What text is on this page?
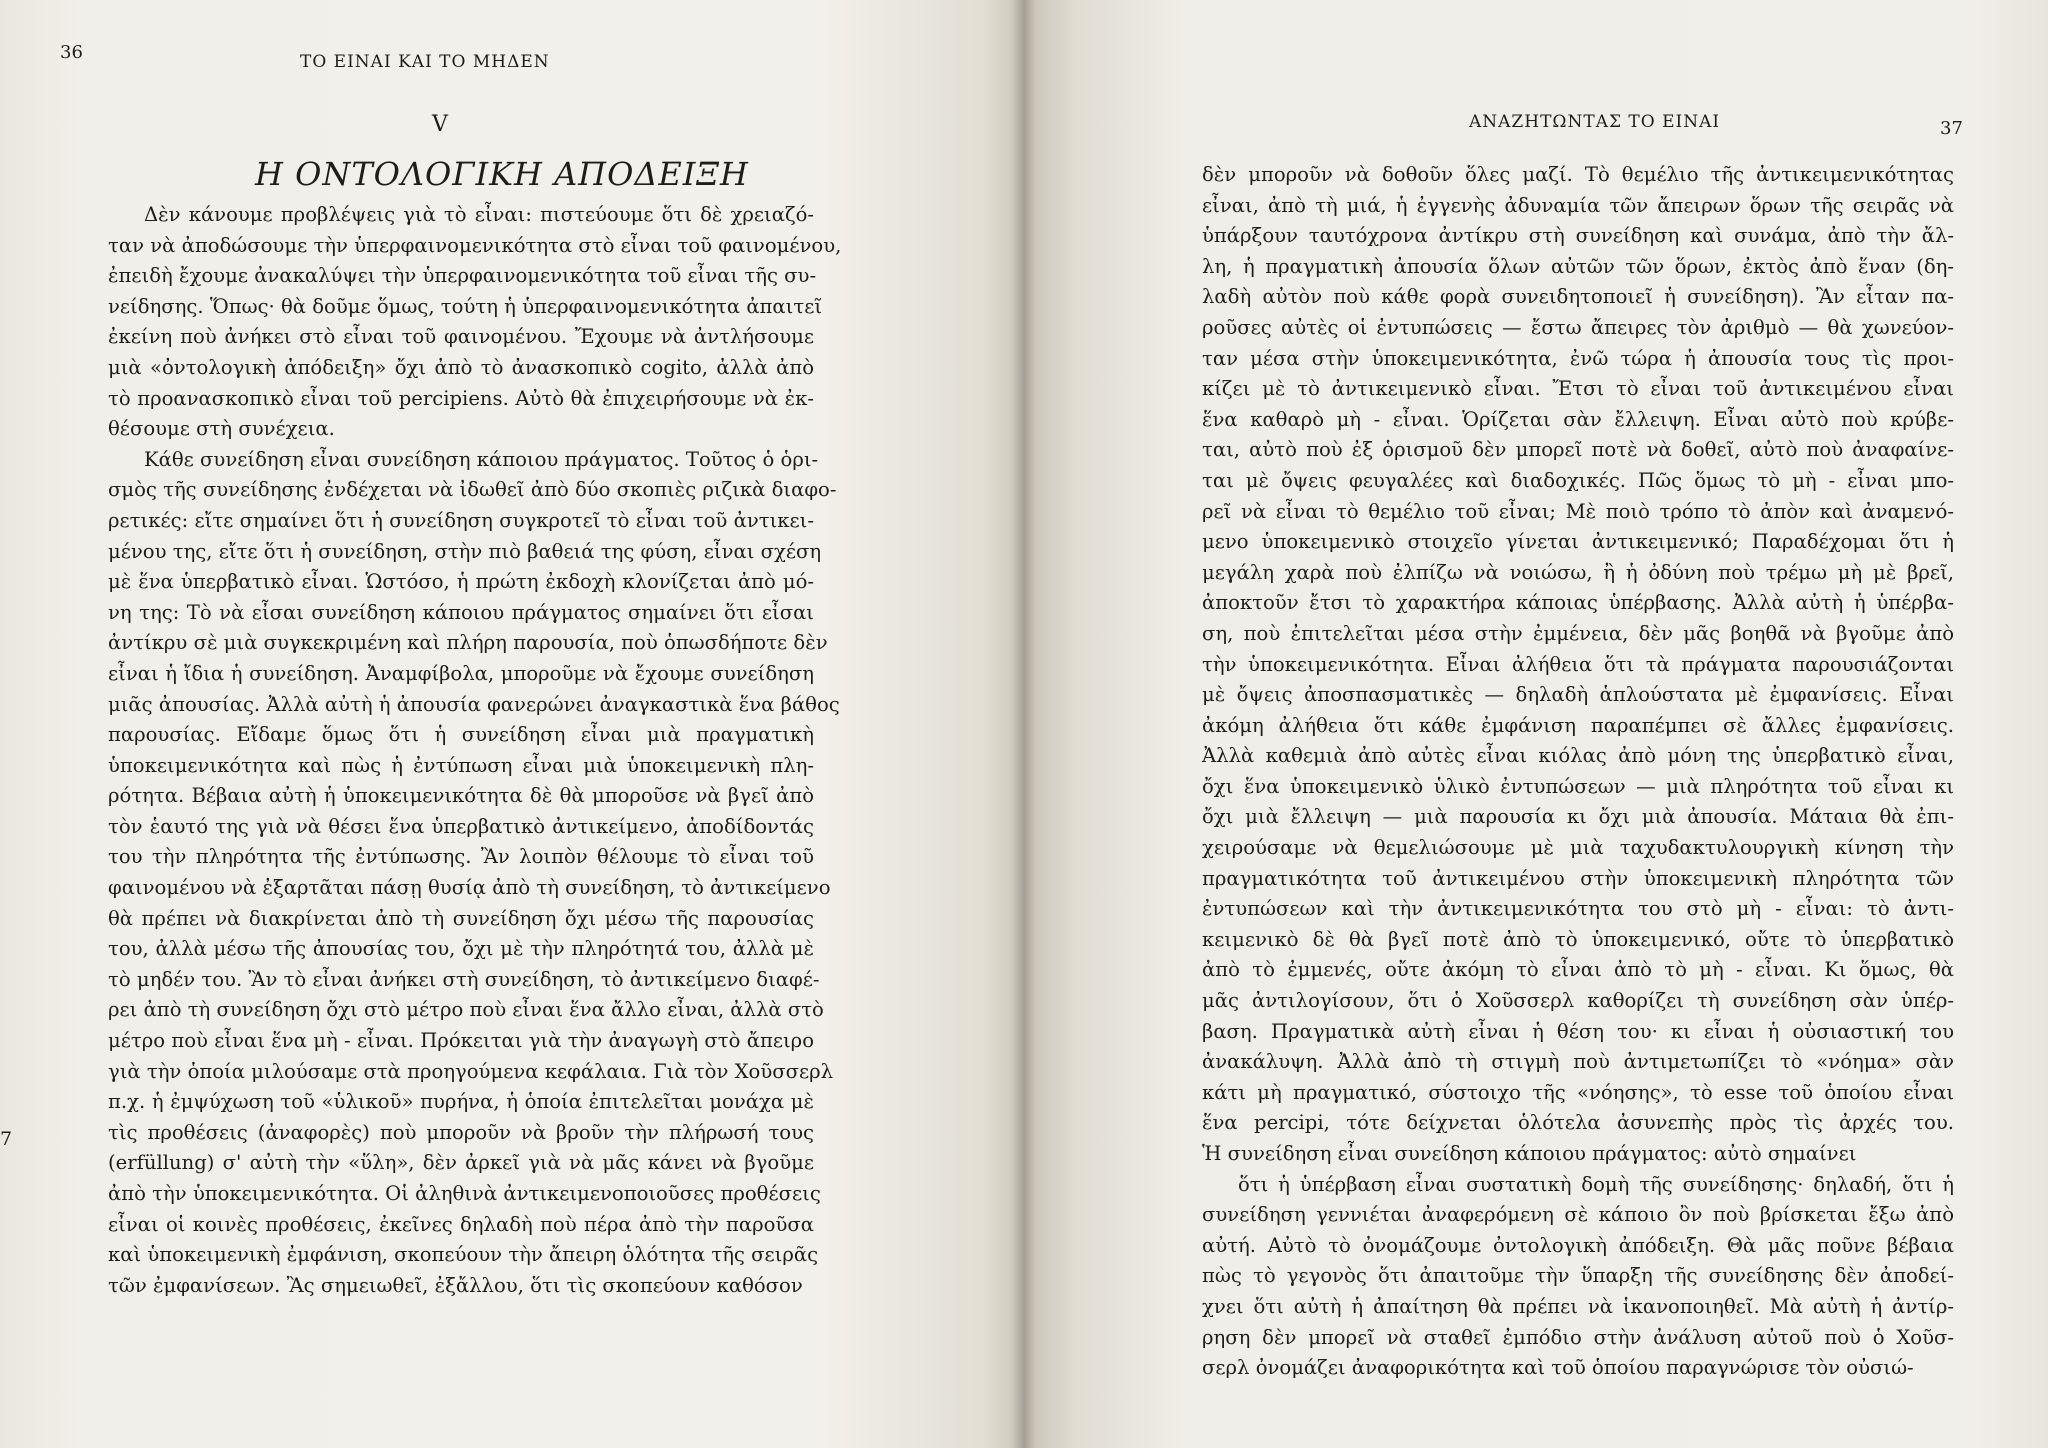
36	ΤΟ ΕΙΝΑΙ ΚΑΙ ΤΟ ΜΗΔΕΝ
V
Η ΟΝΤΟΛΟΓΙΚΗ ΑΠΟΔΕΙΞΗ
7
Δὲν κάνουμε προβλέψεις γιὰ τὸ εἶναι: πιστεύουμε ὅτι δὲ χρειαζό-
ταν νὰ ἀποδώσουμε τὴν ὑπερφαινομενικότητα στὸ εἶναι τοῦ φαινομένου,
ἐπειδὴ ἔχουμε ἀνακαλύψει τὴν ὑπερφαινομενικότητα τοῦ εἶναι τῆς συ-
νείδησης. Ὅπως· θὰ δοῦμε ὅμως, τούτη ἡ ὑπερφαινομενικότητα ἀπαιτεῖ
ἐκείνη ποὺ ἀνήκει στὸ εἶναι τοῦ φαινομένου. Ἔχουμε νὰ ἀντλήσουμε
μιὰ «ὀντολογικὴ ἀπόδειξη» ὄχι ἀπὸ τὸ ἀνασκοπικὸ cogito, ἀλλὰ ἀπὸ
τὸ προανασκοπικὸ εἶναι τοῦ percipiens. Αὐτὸ θὰ ἐπιχειρήσουμε νὰ ἐκ-
θέσουμε στὴ συνέχεια.
Κάθε συνείδηση εἶναι συνείδηση κάποιου πράγματος. Τοῦτος ὁ ὁρι-
σμὸς τῆς συνείδησης ἐνδέχεται νὰ ἰδωθεῖ ἀπὸ δύο σκοπιὲς ριζικὰ διαφο-
ρετικές: εἴτε σημαίνει ὅτι ἡ συνείδηση συγκροτεῖ τὸ εἶναι τοῦ ἀντικει-
μένου της, εἴτε ὅτι ἡ συνείδηση, στὴν πιὸ βαθειά της φύση, εἶναι σχέση
μὲ ἕνα ὑπερβατικὸ εἶναι. Ὡστόσο, ἡ πρώτη ἐκδοχὴ κλονίζεται ἀπὸ μό-
νη της: Τὸ νὰ εἶσαι συνείδηση κάποιου πράγματος σημαίνει ὅτι εἶσαι
ἀντίκρυ σὲ μιὰ συγκεκριμένη καὶ πλήρη παρουσία, ποὺ ὁπωσδήποτε δὲν
εἶναι ἡ ἴδια ἡ συνείδηση. Ἀναμφίβολα, μποροῦμε νὰ ἔχουμε συνείδηση
μιᾶς ἀπουσίας. Ἀλλὰ αὐτὴ ἡ ἀπουσία φανερώνει ἀναγκαστικὰ ἕνα βάθος
παρουσίας. Εἴδαμε ὅμως ὅτι ἡ συνείδηση εἶναι μιὰ πραγματικὴ
ὑποκειμενικότητα καὶ πὼς ἡ ἐντύπωση εἶναι μιὰ ὑποκειμενικὴ πλη-
ρότητα. Βέβαια αὐτὴ ἡ ὑποκειμενικότητα δὲ θὰ μποροῦσε νὰ βγεῖ ἀπὸ
τὸν ἑαυτό της γιὰ νὰ θέσει ἕνα ὑπερβατικὸ ἀντικείμενο, ἀποδίδοντάς
του τὴν πληρότητα τῆς ἐντύπωσης. Ἂν λοιπὸν θέλουμε τὸ εἶναι τοῦ
φαινομένου νὰ ἐξαρτᾶται πάσῃ θυσίᾳ ἀπὸ τὴ συνείδηση, τὸ ἀντικείμενο
θὰ πρέπει νὰ διακρίνεται ἀπὸ τὴ συνείδηση ὄχι μέσω τῆς παρουσίας
του, ἀλλὰ μέσω τῆς ἀπουσίας του, ὄχι μὲ τὴν πληρότητά του, ἀλλὰ μὲ
τὸ μηδέν του. Ἂν τὸ εἶναι ἀνήκει στὴ συνείδηση, τὸ ἀντικείμενο διαφέ-
ρει ἀπὸ τὴ συνείδηση ὄχι στὸ μέτρο ποὺ εἶναι ἕνα ἄλλο εἶναι, ἀλλὰ στὸ
μέτρο ποὺ εἶναι ἕνα μὴ - εἶναι. Πρόκειται γιὰ τὴν ἀναγωγὴ στὸ ἄπειρο
γιὰ τὴν ὁποία μιλούσαμε στὰ προηγούμενα κεφάλαια. Γιὰ τὸν Χοῦσσερλ
π.χ. ἡ ἐμψύχωση τοῦ «ὑλικοῦ» πυρήνα, ἡ ὁποία ἐπιτελεῖται μονάχα μὲ
τὶς προθέσεις (ἀναφορὲς) ποὺ μποροῦν νὰ βροῦν τὴν πλήρωσή τους
(erfüllung) σ' αὐτὴ τὴν «ὕλη», δὲν ἀρκεῖ γιὰ νὰ μᾶς κάνει νὰ βγοῦμε
ἀπὸ τὴν ὑποκειμενικότητα. Οἱ ἀληθινὰ ἀντικειμενοποιοῦσες προθέσεις
εἶναι οἱ κοινὲς προθέσεις, ἐκεῖνες δηλαδὴ ποὺ πέρα ἀπὸ τὴν παροῦσα
καὶ ὑποκειμενικὴ ἐμφάνιση, σκοπεύουν τὴν ἄπειρη ὁλότητα τῆς σειρᾶς
τῶν ἐμφανίσεων. Ἂς σημειωθεῖ, ἐξἄλλου, ὅτι τὶς σκοπεύουν καθόσον
ΑΝΑΖΗΤΩΝΤΑΣ ΤΟ ΕΙΝΑΙ	37
δὲν μποροῦν νὰ δοθοῦν ὅλες μαζί. Τὸ θεμέλιο τῆς ἀντικειμενικότητας
εἶναι, ἀπὸ τὴ μιά, ἡ ἐγγενὴς ἀδυναμία τῶν ἄπειρων ὅρων τῆς σειρᾶς νὰ
ὑπάρξουν ταυτόχρονα ἀντίκρυ στὴ συνείδηση καὶ συνάμα, ἀπὸ τὴν ἄλ-
λη, ἡ πραγματικὴ ἀπουσία ὅλων αὐτῶν τῶν ὅρων, ἐκτὸς ἀπὸ ἕναν (δη-
λαδὴ αὐτὸν ποὺ κάθε φορὰ συνειδητοποιεῖ ἡ συνείδηση). Ἂν εἶταν πα-
ροῦσες αὐτὲς οἱ ἐντυπώσεις — ἔστω ἄπειρες τὸν ἀριθμὸ — θὰ χωνεύον-
ταν μέσα στὴν ὑποκειμενικότητα, ἐνῶ τώρα ἡ ἀπουσία τους τὶς προι-
κίζει μὲ τὸ ἀντικειμενικὸ εἶναι. Ἔτσι τὸ εἶναι τοῦ ἀντικειμένου εἶναι
ἕνα καθαρὸ μὴ - εἶναι. Ὁρίζεται σὰν ἔλλειψη. Εἶναι αὐτὸ ποὺ κρύβε-
ται, αὐτὸ ποὺ ἐξ ὁρισμοῦ δὲν μπορεῖ ποτὲ νὰ δοθεῖ, αὐτὸ ποὺ ἀναφαίνε-
ται μὲ ὄψεις φευγαλέες καὶ διαδοχικές. Πῶς ὅμως τὸ μὴ - εἶναι μπο-
ρεῖ νὰ εἶναι τὸ θεμέλιο τοῦ εἶναι; Μὲ ποιὸ τρόπο τὸ ἀπὸν καὶ ἀναμενό-
μενο ὑποκειμενικὸ στοιχεῖο γίνεται ἀντικειμενικό; Παραδέχομαι ὅτι ἡ
μεγάλη χαρὰ ποὺ ἐλπίζω νὰ νοιώσω, ἢ ἡ ὀδύνη ποὺ τρέμω μὴ μὲ βρεῖ,
ἀποκτοῦν ἔτσι τὸ χαρακτήρα κάποιας ὑπέρβασης. Ἀλλὰ αὐτὴ ἡ ὑπέρβα-
ση, ποὺ ἐπιτελεῖται μέσα στὴν ἐμμένεια, δὲν μᾶς βοηθᾶ νὰ βγοῦμε ἀπὸ
τὴν ὑποκειμενικότητα. Εἶναι ἀλήθεια ὅτι τὰ πράγματα παρουσιάζονται
μὲ ὄψεις ἀποσπασματικὲς — δηλαδὴ ἁπλούστατα μὲ ἐμφανίσεις. Εἶναι
ἀκόμη ἀλήθεια ὅτι κάθε ἐμφάνιση παραπέμπει σὲ ἄλλες ἐμφανίσεις.
Ἀλλὰ καθεμιὰ ἀπὸ αὐτὲς εἶναι κιόλας ἀπὸ μόνη της ὑπερβατικὸ εἶναι,
ὄχι ἕνα ὑποκειμενικὸ ὑλικὸ ἐντυπώσεων — μιὰ πληρότητα τοῦ εἶναι κι
ὄχι μιὰ ἔλλειψη — μιὰ παρουσία κι ὄχι μιὰ ἀπουσία. Μάταια θὰ ἐπι-
χειρούσαμε νὰ θεμελιώσουμε μὲ μιὰ ταχυδακτυλουργικὴ κίνηση τὴν
πραγματικότητα τοῦ ἀντικειμένου στὴν ὑποκειμενικὴ πληρότητα τῶν
ἐντυπώσεων καὶ τὴν ἀντικειμενικότητα του στὸ μὴ - εἶναι: τὸ ἀντι-
κειμενικὸ δὲ θὰ βγεῖ ποτὲ ἀπὸ τὸ ὑποκειμενικό, οὔτε τὸ ὑπερβατικὸ
ἀπὸ τὸ ἐμμενές, οὔτε ἀκόμη τὸ εἶναι ἀπὸ τὸ μὴ - εἶναι. Κι ὅμως, θὰ
μᾶς ἀντιλογίσουν, ὅτι ὁ Χοῦσσερλ καθορίζει τὴ συνείδηση σὰν ὑπέρ-
βαση. Πραγματικὰ αὐτὴ εἶναι ἡ θέση του· κι εἶναι ἡ οὐσιαστική του
ἀνακάλυψη. Ἀλλὰ ἀπὸ τὴ στιγμὴ ποὺ ἀντιμετωπίζει τὸ «νόημα» σὰν
κάτι μὴ πραγματικό, σύστοιχο τῆς «νόησης», τὸ esse τοῦ ὁποίου εἶναι
ἕνα percipi, τότε δείχνεται ὁλότελα ἀσυνεπὴς πρὸς τὶς ἀρχές του.
Ἡ συνείδηση εἶναι συνείδηση κάποιου πράγματος: αὐτὸ σημαίνει
ὅτι ἡ ὑπέρβαση εἶναι συστατικὴ δομὴ τῆς συνείδησης· δηλαδή, ὅτι ἡ
συνείδηση γεννιέται ἀναφερόμενη σὲ κάποιο ὂν ποὺ βρίσκεται ἔξω ἀπὸ
αὐτή. Αὐτὸ τὸ ὀνομάζουμε ὀντολογικὴ ἀπόδειξη. Θὰ μᾶς ποῦνε βέβαια
πὼς τὸ γεγονὸς ὅτι ἀπαιτοῦμε τὴν ὕπαρξη τῆς συνείδησης δὲν ἀποδεί-
χνει ὅτι αὐτὴ ἡ ἀπαίτηση θὰ πρέπει νὰ ἱκανοποιηθεῖ. Μὰ αὐτὴ ἡ ἀντίρ-
ρηση δὲν μπορεῖ νὰ σταθεῖ ἐμπόδιο στὴν ἀνάλυση αὐτοῦ ποὺ ὁ Χοῦσ-
σερλ ὀνομάζει ἀναφορικότητα καὶ τοῦ ὁποίου παραγνώρισε τὸν οὐσιώ-
